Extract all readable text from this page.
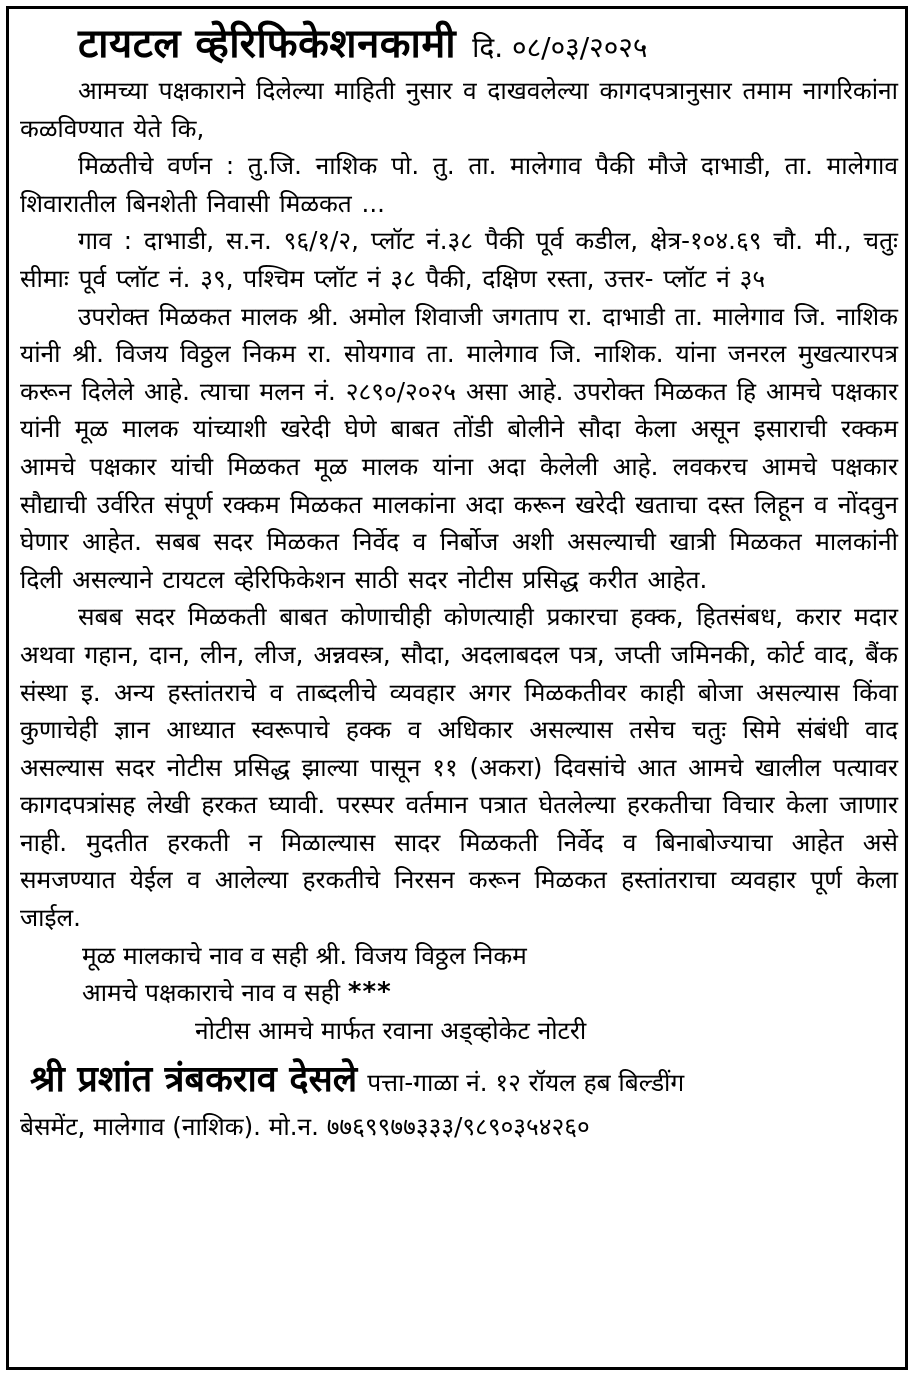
टायटल व्हेरिफिकेशनकामी दि. ०८/०३/२०२५
आमच्या पक्षकाराने दिलेल्या माहिती नुसार व दाखवलेल्या कागदपत्रानुसार तमाम नागरिकांना कळविण्यात येते कि,
मिळतीचे वर्णन : तु.जि. नाशिक पो. तु. ता. मालेगाव पैकी मौजे दाभाडी, ता. मालेगाव शिवारातील बिनशेती निवासी मिळकत ...
गाव : दाभाडी, स.न. ९६/१/२, प्लॉट नं.३८ पैकी पूर्व कडील, क्षेत्र-१०४.६९ चौ. मी., चतुः सीमाः पूर्व प्लॉट नं. ३९, पश्चिम प्लॉट नं ३८ पैकी, दक्षिण रस्ता, उत्तर- प्लॉट नं ३५
उपरोक्त मिळकत मालक श्री. अमोल शिवाजी जगताप रा. दाभाडी ता. मालेगाव जि. नाशिक यांनी श्री. विजय विठ्ठल निकम रा. सोयगाव ता. मालेगाव जि. नाशिक. यांना जनरल मुखत्यारपत्र करून दिलेले आहे. त्याचा मलन नं. २८९०/२०२५ असा आहे. उपरोक्त मिळकत हि आमचे पक्षकार यांनी मूळ मालक यांच्याशी खरेदी घेणे बाबत तोंडी बोलीने सौदा केला असून इसाराची रक्कम आमचे पक्षकार यांची मिळकत मूळ मालक यांना अदा केलेली आहे. लवकरच आमचे पक्षकार सौद्याची उर्वरित संपूर्ण रक्कम मिळकत मालकांना अदा करून खरेदी खताचा दस्त लिहून व नोंदवुन घेणार आहेत. सबब सदर मिळकत निर्वेद व निर्बोज अशी असल्याची खात्री मिळकत मालकांनी दिली असल्याने टायटल व्हेरिफिकेशन साठी सदर नोटीस प्रसिद्ध करीत आहेत.
सबब सदर मिळकती बाबत कोणाचीही कोणत्याही प्रकारचा हक्क, हितसंबध, करार मदार अथवा गहान, दान, लीन, लीज, अन्नवस्त्र, सौदा, अदलाबदल पत्र, जप्ती जमिनकी, कोर्ट वाद, बैंक संस्था इ. अन्य हस्तांतराचे व ताब्दलीचे व्यवहार अगर मिळकतीवर काही बोजा असल्यास किंवा कुणाचेही ज्ञान आध्यात स्वरूपाचे हक्क व अधिकार असल्यास तसेच चतुः सिमे संबंधी वाद असल्यास सदर नोटीस प्रसिद्ध झाल्या पासून ११ (अकरा) दिवसांचे आत आमचे खालील पत्यावर कागदपत्रांसह लेखी हरकत घ्यावी. परस्पर वर्तमान पत्रात घेतलेल्या हरकतीचा विचार केला जाणार नाही. मुदतीत हरकती न मिळाल्यास सादर मिळकती निर्वेद व बिनाबोज्याचा आहेत असे समजण्यात येईल व आलेल्या हरकतीचे निरसन करून मिळकत हस्तांतराचा व्यवहार पूर्ण केला जाईल.
मूळ मालकाचे नाव व सही श्री. विजय विठ्ठल निकम
आमचे पक्षकाराचे नाव व सही ***
नोटीस आमचे मार्फत रवाना अड्व्होकेट नोटरी
श्री प्रशांत त्रंबकराव देसले पत्ता-गाळा नं. १२ रॉयल हब बिल्डींग
बेसमेंट, मालेगाव (नाशिक). मो.न. ७७६९९७७३३३/९८९०३५४२६०
